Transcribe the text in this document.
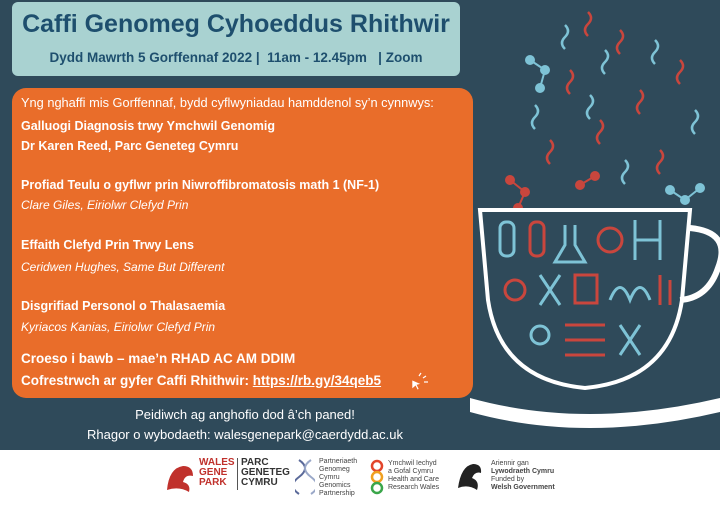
Caffi Genomeg Cyhoeddus Rhithwir
Dydd Mawrth 5 Gorffennaf 2022 |  11am - 12.45pm   | Zoom
Yng nghaffi mis Gorffennaf, bydd cyflwyniadau hamddenol sy’n cynnwys:
Galluogi Diagnosis trwy Ymchwil Genomig
Dr Karen Reed, Parc Geneteg Cymru
Profiad Teulu o gyflwr prin Niwroffibromatosis math 1 (NF-1)
Clare Giles, Eiriolwr Clefyd Prin
Effaith Clefyd Prin Trwy Lens
Ceridwen Hughes, Same But Different
Disgrifiad Personol o Thalasaemia
Kyriacos Kanias, Eiriolwr Clefyd Prin
Croeso i bawb – mae’n RHAD AC AM DDIM
Cofrestrwch ar gyfer Caffi Rhithwir: https://rb.gy/34qeb5
Peidiwch ag anghofio dod â’ch paned!
Rhagor o wybodaeth: walesgenepark@caerdydd.ac.uk
WALES
GENE
PARK
PARC
GENETEG
CYMRU
Partneriaeth
Genomeg
Cymru
Genomics
Partnership
Ymchwil Iechyd
a Gofal Cymru
Health and Care
Research Wales
Ariennir gan
Lywodraeth Cymru
Funded by
Welsh Government
